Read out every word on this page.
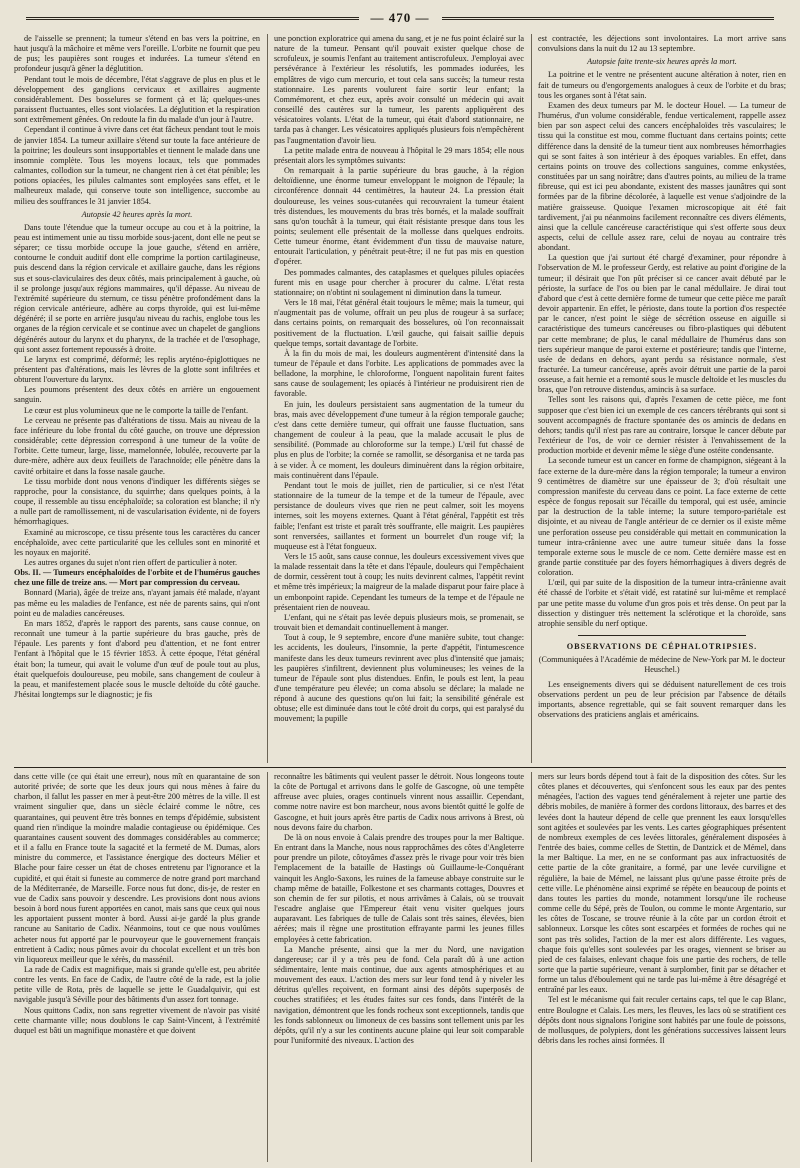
— 470 —

de l'aisselle se prennent; la tumeur s'étend en bas vers la poitrine, en haut jusqu'à la mâchoire et même vers l'oreille. L'orbite ne fournit que peu de pus; les paupières sont rouges et indurées. La tumeur s'étend en profondeur jusqu'à gêner la déglutition.

Pendant tout le mois de décembre, l'état s'aggrave de plus en plus et le développement des ganglions cervicaux et axillaires augmente considérablement. Des bosselures se forment çà et là; quelques-unes paraissent fluctuantes, elles sont violacées. La déglutition et la respiration sont extrêmement gênées. On redoute la fin du malade d'un jour à l'autre.

Cependant il continue à vivre dans cet état fâcheux pendant tout le mois de janvier 1854. La tumeur axillaire s'étend sur toute la face antérieure de la poitrine; les douleurs sont insupportables et tiennent le malade dans une insomnie complète. Tous les moyens locaux, tels que pommades calmantes, collodion sur la tumeur, ne changent rien à cet état pénible; les potions opiacées, les pilules calmantes sont employées sans effet, et le malheureux malade, qui conserve toute son intelligence, succombe au milieu des souffrances le 31 janvier 1854.

Autopsie 42 heures après la mort.

Dans toute l'étendue que la tumeur occupe au cou et à la poitrine, la peau est intimement unie au tissu morbide sous-jacent, dont elle ne peut se séparer; ce tissu morbide occupe la joue gauche, s'étend en arrière, contourne le conduit auditif dont elle comprime la portion cartilagineuse, puis descend dans la région cervicale et axillaire gauche, dans les régions sus et sous-claviculaires des deux côtés, mais principalement à gauche, où il se prolonge jusqu'aux régions mammaires, qu'il dépasse. Au niveau de l'extrémité supérieure du sternum, ce tissu pénètre profondément dans la région cervicale antérieure, adhère au corps thyroïde, qui est lui-même dégénéré; il se porte en arrière jusqu'au niveau du rachis, englobe tous les organes de la région cervicale et se continue avec un chapelet de ganglions dégénérés autour du larynx et du pharynx, de la trachée et de l'œsophage, qui sont assez fortement repoussés à droite.

Le larynx est comprimé, déformé; les replis aryténo-épiglottiques ne présentent pas d'altérations, mais les lèvres de la glotte sont infiltrées et obturent l'ouverture du larynx.

Les poumons présentent des deux côtés en arrière un engouement sanguin.

Le cœur est plus volumineux que ne le comporte la taille de l'enfant.

Le cerveau ne présente pas d'altérations de tissu. Mais au niveau de la face inférieure du lobe frontal du côté gauche, on trouve une dépression considérable; cette dépression correspond à une tumeur de la voûte de l'orbite. Cette tumeur, large, lisse, mamelonnée, lobulée, recouverte par la dure-mère, adhère aux deux feuillets de l'arachnoïde; elle pénètre dans la cavité orbitaire et dans la fosse nasale gauche.

Le tissu morbide dont nous venons d'indiquer les différents sièges se rapproche, pour la consistance, du squirrhe; dans quelques points, à la coupe, il ressemble au tissu encéphaloïde; sa coloration est blanche; il n'y a nulle part de ramollissement, ni de vascularisation évidente, ni de foyers hémorrhagiques.

Examiné au microscope, ce tissu présente tous les caractères du cancer encéphaloïde, avec cette particularité que les cellules sont en minorité et les noyaux en majorité.

Les autres organes du sujet n'ont rien offert de particulier à noter.

Obs. II. — Tumeurs encéphaloïdes de l'orbite et de l'humérus gauches chez une fille de treize ans. — Mort par compression du cerveau.

Bonnard (Maria), âgée de treize ans, n'ayant jamais été malade, n'ayant pas même eu les maladies de l'enfance, est née de parents sains, qui n'ont point eu de maladies cancéreuses.

En mars 1852, d'après le rapport des parents, sans cause connue, on reconnaît une tumeur à la partie supérieure du bras gauche, près de l'épaule. Les parents y font d'abord peu d'attention, et ne font entrer l'enfant à l'hôpital que le 15 février 1853. À cette époque, l'état général était bon; la tumeur, qui avait le volume d'un œuf de poule tout au plus, était quelquefois douloureuse, peu mobile, sans changement de couleur à la peau, et manifestement placée sous le muscle deltoïde du côté gauche. J'hésitai longtemps sur le diagnostic; je fis

une ponction exploratrice qui amena du sang, et je ne fus point éclairé sur la nature de la tumeur. Pensant qu'il pouvait exister quelque chose de scrofuleux, je soumis l'enfant au traitement antiscrofuleux. J'employai avec persévérance à l'extérieur les résolutifs, les pommades iodurées, les emplâtres de vigo cum mercurio, et tout cela sans succès; la tumeur resta stationnaire. Les parents voulurent faire sortir leur enfant; la Commémorent, et chez eux, après avoir consulté un médecin qui avait conseillé des cautères sur la tumeur, les parents appliquèrent des vésicatoires volants. L'état de la tumeur, qui était d'abord stationnaire, ne tarda pas à changer. Les vésicatoires appliqués plusieurs fois n'empêchèrent pas l'augmentation d'avoir lieu.

La petite malade entra de nouveau à l'hôpital le 29 mars 1854; elle nous présentait alors les symptômes suivants:

On remarquait à la partie supérieure du bras gauche, à la région deltoïdienne, une énorme tumeur enveloppant le moignon de l'épaule; la circonférence donnait 44 centimètres, la hauteur 24. La pression était douloureuse, les veines sous-cutanées qui recouvraient la tumeur étaient très distendues, les mouvements du bras très bornés, et la malade souffrait sans qu'on touchât à la tumeur, qui était résistante presque dans tous les points; seulement elle présentait de la mollesse dans quelques endroits. Cette tumeur énorme, étant évidemment d'un tissu de mauvaise nature, entourait l'articulation, y pénétrait peut-être; il ne fut pas mis en question d'opérer.

Des pommades calmantes, des cataplasmes et quelques pilules opiacées furent mis en usage pour chercher à procurer du calme. L'état resta stationnaire; on n'obtint ni soulagement ni diminution dans la tumeur.

Vers le 18 mai, l'état général était toujours le même; mais la tumeur, qui n'augmentait pas de volume, offrait un peu plus de rougeur à sa surface; dans certains points, on remarquait des bosselures, où l'on reconnaissait positivement de la fluctuation. L'œil gauche, qui faisait saillie depuis quelque temps, sortait davantage de l'orbite.

À la fin du mois de mai, les douleurs augmentèrent d'intensité dans la tumeur de l'épaule et dans l'orbite. Les applications de pommades avec la belladone, la morphine, le chloroforme, l'onguent napolitain furent faites sans cause de soulagement; les opiacés à l'intérieur ne produisirent rien de favorable.

En juin, les douleurs persistaient sans augmentation de la tumeur du bras, mais avec développement d'une tumeur à la région temporale gauche; c'est dans cette dernière tumeur, qui offrait une fausse fluctuation, sans changement de couleur à la peau, que la malade accusait le plus de sensibilité. (Pommade au chloroforme sur la tempe.) L'œil fut chassé de plus en plus de l'orbite; la cornée se ramollit, se désorganisa et ne tarda pas à se vider. À ce moment, les douleurs diminuèrent dans la région orbitaire, mais continuèrent dans l'épaule.

Pendant tout le mois de juillet, rien de particulier, si ce n'est l'état stationnaire de la tumeur de la tempe et de la tumeur de l'épaule, avec persistance de douleurs vives que rien ne peut calmer, soit les moyens internes, soit les moyens externes. Quant à l'état général, l'appétit est très faible; l'enfant est triste et paraît très souffrante, elle maigrit. Les paupières sont renversées, saillantes et forment un bourrelet d'un rouge vif; la muqueuse est à l'état fongueux.

Vers le 15 août, sans cause connue, les douleurs excessivement vives que la malade ressentait dans la tête et dans l'épaule, douleurs qui l'empêchaient de dormir, cessèrent tout à coup; les nuits devinrent calmes, l'appétit revint et même très impérieux; la maigreur de la malade disparut pour faire place à un embonpoint rapide. Cependant les tumeurs de la tempe et de l'épaule ne présentaient rien de nouveau.

L'enfant, qui ne s'était pas levée depuis plusieurs mois, se promenait, se trouvait bien et demandait continuellement à manger.

Tout à coup, le 9 septembre, encore d'une manière subite, tout change: les accidents, les douleurs, l'insomnie, la perte d'appétit, l'intumescence manifeste dans les deux tumeurs revinrent avec plus d'intensité que jamais; les paupières s'infiltrent, deviennent plus volumineuses; les veines de la tumeur de l'épaule sont plus distendues. Enfin, le pouls est lent, la peau d'une température peu élevée; un coma absolu se déclare; la malade ne répond à aucune des questions qu'on lui fait; la sensibilité générale est obtuse; elle est diminuée dans tout le côté droit du corps, qui est paralysé du mouvement; la pupille

est contractée, les déjections sont involontaires. La mort arrive sans convulsions dans la nuit du 12 au 13 septembre.

Autopsie faite trente-six heures après la mort.

La poitrine et le ventre ne présentent aucune altération à noter, rien en fait de tumeurs ou d'engorgements analogues à ceux de l'orbite et du bras; tous les organes sont à l'état sain.

Examen des deux tumeurs par M. le docteur Houel. — La tumeur de l'humérus, d'un volume considérable, fendue verticalement, rappelle assez bien par son aspect celui des cancers encéphaloïdes très vasculaires; le tissu qui la constitue est mou, comme fluctuant dans certains points; cette différence dans la densité de la tumeur tient aux nombreuses hémorrhagies qui se sont faites à son intérieur à des époques variables. En effet, dans certains points on trouve des collections sanguines, comme enkystées, constituées par un sang noirâtre; dans d'autres points, au milieu de la trame fibreuse, qui est ici peu abondante, existent des masses jaunâtres qui sont formées par de la fibrine décolorée, à laquelle est venue s'adjoindre de la matière graisseuse. Quoique l'examen microscopique ait été fait tardivement, j'ai pu néanmoins facilement reconnaître ces divers éléments, ainsi que la cellule cancéreuse caractéristique qui s'est offerte sous deux aspects, celui de cellule assez rare, celui de noyau au contraire très abondant.

La question que j'ai surtout été chargé d'examiner, pour répondre à l'observation de M. le professeur Gerdy, est relative au point d'origine de la tumeur; il désirait que l'on pût préciser si ce cancer avait débuté par le périoste, la surface de l'os ou bien par le canal médullaire. Je dirai tout d'abord que c'est à cette dernière forme de tumeur que cette pièce me paraît devoir appartenir. En effet, le périoste, dans toute la portion d'os respectée par le cancer, n'est point le siège de sécrétion osseuse en aiguille si caractéristique des tumeurs cancéreuses ou fibro-plastiques qui débutent par cette membrane; de plus, le canal médullaire de l'humérus dans son tiers supérieur manque de paroi externe et postérieure; tandis que l'interne, usée de dedans en dehors, ayant perdu sa résistance normale, s'est fracturée. La tumeur cancéreuse, après avoir détruit une partie de la paroi osseuse, a fait hernie et a remonté sous le muscle deltoïde et les muscles du bras, que l'on retrouve distendus, amincis à sa surface.

Telles sont les raisons qui, d'après l'examen de cette pièce, me font supposer que c'est bien ici un exemple de ces cancers térébrants qui sont si souvent accompagnés de fracture spontanée des os amincis de dedans en dehors; tandis qu'il n'est pas rare au contraire, lorsque le cancer débute par l'extérieur de l'os, de voir ce dernier résister à l'envahissement de la production morbide et devenir même le siège d'une ostéite condensante.

La seconde tumeur est un cancer en forme de champignon, siégeant à la face externe de la dure-mère dans la région temporale; la tumeur a environ 9 centimètres de diamètre sur une épaisseur de 3; d'où résultait une compression manifeste du cerveau dans ce point. La face externe de cette espèce de fongus reposait sur l'écaille du temporal, qui est usée, amincie par la destruction de la table interne; la suture temporo-pariétale est disjointe, et au niveau de l'angle antérieur de ce dernier os il existe même une perforation osseuse peu considérable qui mettait en communication la tumeur intra-crânienne avec une autre tumeur située dans la fosse temporale externe sous le muscle de ce nom. Cette dernière masse est en grande partie constituée par des foyers hémorrhagiques à divers degrés de coloration.

L'œil, qui par suite de la disposition de la tumeur intra-crânienne avait été chassé de l'orbite et s'était vidé, est ratatiné sur lui-même et remplacé par une petite masse du volume d'un gros pois et très dense. On peut par la dissection y distinguer très nettement la sclérotique et la choroïde, sans atrophie sensible du nerf optique.

OBSERVATIONS DE CÉPHALOTRIPSIES.

(Communiquées à l'Académie de médecine de New-York par M. le docteur Heuschel.)

Les enseignements divers qui se déduisent naturellement de ces trois observations perdent un peu de leur précision par l'absence de détails importants, absence regrettable, qui se fait souvent remarquer dans les observations des praticiens anglais et américains.

dans cette ville (ce qui était une erreur), nous mît en quarantaine de son autorité privée; de sorte que les deux jours qui nous mènes à faire du charbon, il fallut les passer en mer à peut-être 200 mètres de la ville. Il est vraiment singulier que, dans un siècle éclairé comme le nôtre, ces quarantaines, qui peuvent être très bonnes en temps d'épidémie, subsistent quand rien n'indique la moindre maladie contagieuse ou épidémique. Ces quarantaines causent souvent des dommages considérables au commerce; et il a fallu en France toute la sagacité et la fermeté de M. Dumas, alors ministre du commerce, et l'assistance énergique des docteurs Mélier et Blache pour faire cesser un état de choses entretenu par l'ignorance et la cupidité, et qui était si funeste au commerce de notre grand port marchand de la Méditerranée, de Marseille. Force nous fut donc, dis-je, de rester en vue de Cadix sans pouvoir y descendre. Les provisions dont nous avions besoin à bord nous furent apportées en canot, mais sans que ceux qui nous les apportaient pussent monter à bord. Aussi ai-je gardé la plus grande rancune au Sanitario de Cadix. Néanmoins, tout ce que nous voulûmes acheter nous fut apporté par le pourvoyeur que le gouvernement français entretient à Cadix; nous pûmes avoir du chocolat excellent et un très bon vin liquoreux meilleur que le xérès, du massénil.

La rade de Cadix est magnifique, mais si grande qu'elle est, peu abritée contre les vents. En face de Cadix, de l'autre côté de la rade, est la jolie petite ville de Rota, près de laquelle se jette le Guadalquivir, qui est navigable jusqu'à Séville pour des bâtiments d'un assez fort tonnage.

Nous quittons Cadix, non sans regretter vivement de n'avoir pas visité cette charmante ville; nous doublons le cap Saint-Vincent, à l'extrémité duquel est bâti un magnifique monastère et que doivent

reconnaître les bâtiments qui veulent passer le détroit. Nous longeons toute la côte de Portugal et arrivons dans le golfe de Gascogne, où une tempête affreuse avec pluies, orages continuels vinrent nous assaillir. Cependant, comme notre navire est bon marcheur, nous avons bientôt quitté le golfe de Gascogne, et huit jours après être partis de Cadix nous arrivons à Brest, où nous devons faire du charbon.

De là on nous envoie à Calais prendre des troupes pour la mer Baltique. En entrant dans la Manche, nous nous rapprochâmes des côtes d'Angleterre pour prendre un pilote, côtoyâmes d'assez près le rivage pour voir très bien l'emplacement de la bataille de Hastings où Guillaume-le-Conquérant vainquit les Anglo-Saxons, les ruines de la fameuse abbaye construite sur le champ même de bataille, Folkestone et ses charmants cottages, Douvres et son chemin de fer sur pilotis, et nous arrivâmes à Calais, où se trouvait l'escadre anglaise que l'Empereur était venu visiter quelques jours auparavant. Les fabriques de tulle de Calais sont très saines, élevées, bien aérées; mais il règne une prostitution effrayante parmi les jeunes filles employées à cette fabrication.

La Manche présente, ainsi que la mer du Nord, une navigation dangereuse; car il y a très peu de fond. Cela paraît dû à une action sédimentaire, lente mais continue, due aux agents atmosphériques et au mouvement des eaux. L'action des mers sur leur fond tend à y niveler les détritus qu'elles reçoivent, en formant ainsi des dépôts superposés de couches stratifiées; et les études faites sur ces fonds, dans l'intérêt de la navigation, démontrent que les fonds rocheux sont exceptionnels, tandis que les fonds sablonneux ou limoneux de ces bassins sont tellement unis par les dépôts, qu'il n'y a sur les continents aucune plaine qui leur soit comparable pour l'uniformité des niveaux. L'action des

mers sur leurs bords dépend tout à fait de la disposition des côtes. Sur les côtes planes et découvertes, qui s'enfoncent sous les eaux par des pentes ménagées, l'action des vagues tend généralement à rejeter une partie des débris mobiles, de manière à former des cordons littoraux, des barres et des levées dont la hauteur dépend de celle que prennent les eaux lorsqu'elles sont agitées et soulevées par les vents. Les cartes géographiques présentent de nombreux exemples de ces levées littorales, généralement disposées à l'entrée des baies, comme celles de Stettin, de Dantzick et de Mémel, dans la mer Baltique. La mer, en ne se conformant pas aux infractuosités de cette partie de la côte granitaire, a formé, par une levée curviligne et régulière, la baie de Mémel, ne laissant plus qu'une passe étroite près de cette ville. Le phénomène ainsi exprimé se répète en beaucoup de points et dans toutes les parties du monde, notamment lorsqu'une île rocheuse comme celle du Sépé, près de Toulon, ou comme le monte Argentario, sur les côtes de Toscane, se trouve réunie à la côte par un cordon étroit et sablonneux. Lorsque les côtes sont escarpées et formées de roches qui ne sont pas très solides, l'action de la mer est alors différente. Les vagues, chaque fois qu'elles sont soulevées par les orages, viennent se briser au pied de ces falaises, enlevant chaque fois une partie des rochers, de telle sorte que la partie supérieure, venant à surplomber, finit par se détacher et forme un talus d'éboulement qui ne tarde pas lui-même à être désagrégé et entraîné par les eaux.

Tel est le mécanisme qui fait reculer certains caps, tel que le cap Blanc, entre Boulogne et Calais. Les mers, les fleuves, les lacs où se stratifient ces dépôts dont nous signalons l'origine sont habités par une foule de poissons, de mollusques, de polypiers, dont les générations successives laissent leurs débris dans les roches ainsi formées. Il
